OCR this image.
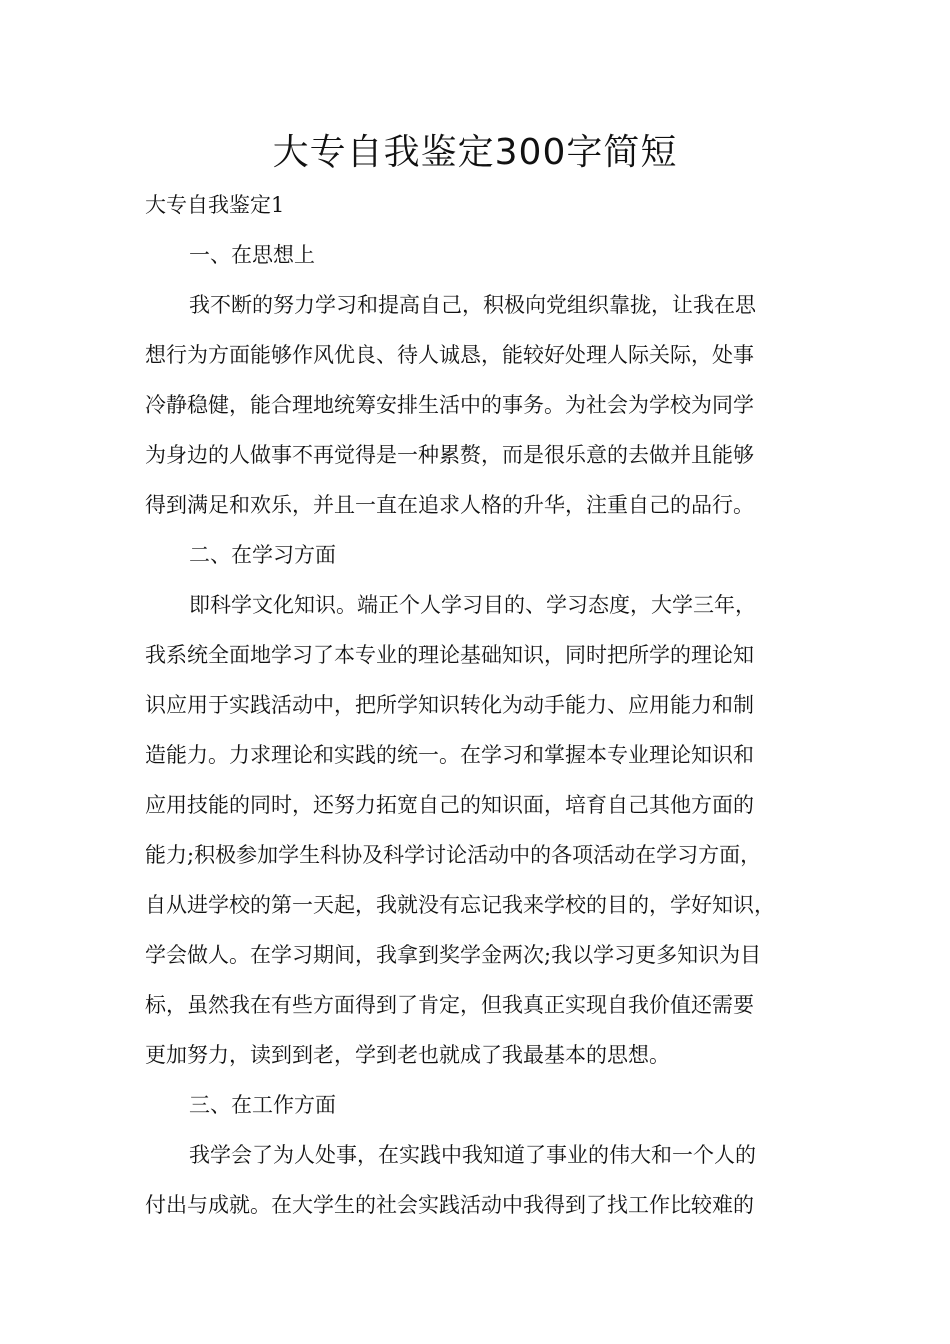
大专自我鉴定300字简短
大专自我鉴定1
一、在思想上
我不断的努力学习和提高自己，积极向党组织靠拢，让我在思
想行为方面能够作风优良、待人诚恳，能较好处理人际关际，处事
冷静稳健，能合理地统筹安排生活中的事务。为社会为学校为同学
为身边的人做事不再觉得是一种累赘，而是很乐意的去做并且能够
得到满足和欢乐，并且一直在追求人格的升华，注重自己的品行。
二、在学习方面
即科学文化知识。端正个人学习目的、学习态度，大学三年，
我系统全面地学习了本专业的理论基础知识，同时把所学的理论知
识应用于实践活动中，把所学知识转化为动手能力、应用能力和制
造能力。力求理论和实践的统一。在学习和掌握本专业理论知识和
应用技能的同时，还努力拓宽自己的知识面，培育自己其他方面的
能力;积极参加学生科协及科学讨论活动中的各项活动在学习方面，
自从进学校的第一天起，我就没有忘记我来学校的目的，学好知识，
学会做人。在学习期间，我拿到奖学金两次;我以学习更多知识为目
标，虽然我在有些方面得到了肯定，但我真正实现自我价值还需要
更加努力，读到到老，学到老也就成了我最基本的思想。
三、在工作方面
我学会了为人处事，在实践中我知道了事业的伟大和一个人的
付出与成就。在大学生的社会实践活动中我得到了找工作比较难的
